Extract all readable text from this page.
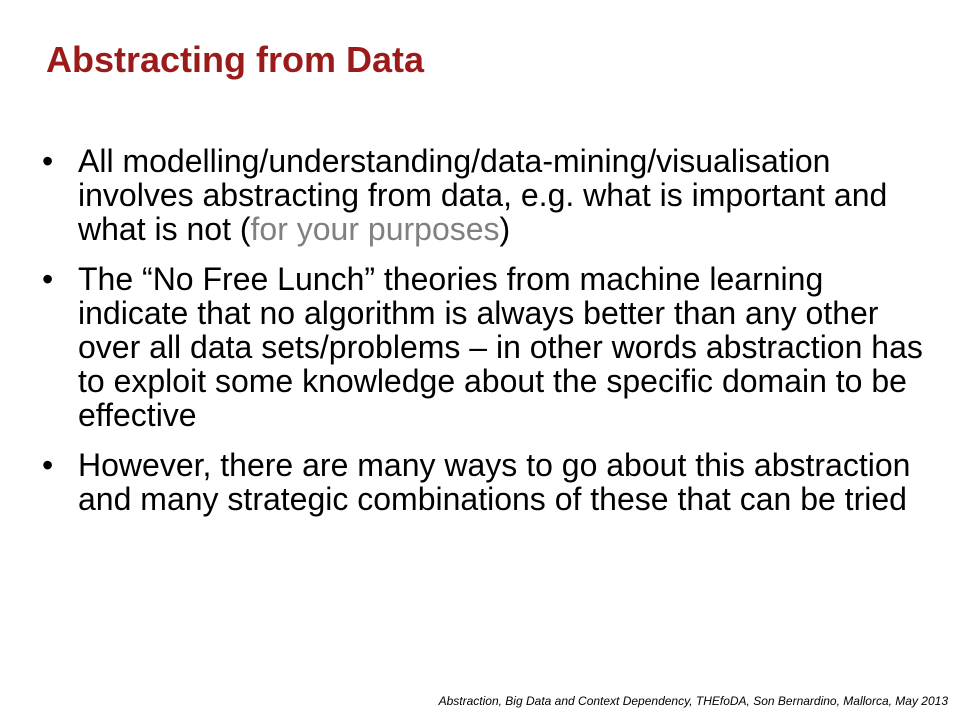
Abstracting from Data
• All modelling/understanding/data-mining/visualisation involves abstracting from data, e.g. what is important and what is not (for your purposes)
• The “No Free Lunch” theories from machine learning indicate that no algorithm is always better than any other over all data sets/problems – in other words abstraction has to exploit some knowledge about the specific domain to be effective
• However, there are many ways to go about this abstraction and many strategic combinations of these that can be tried
Abstraction, Big Data and Context Dependency, THEfoDA, Son Bernardino, Mallorca, May 2013
